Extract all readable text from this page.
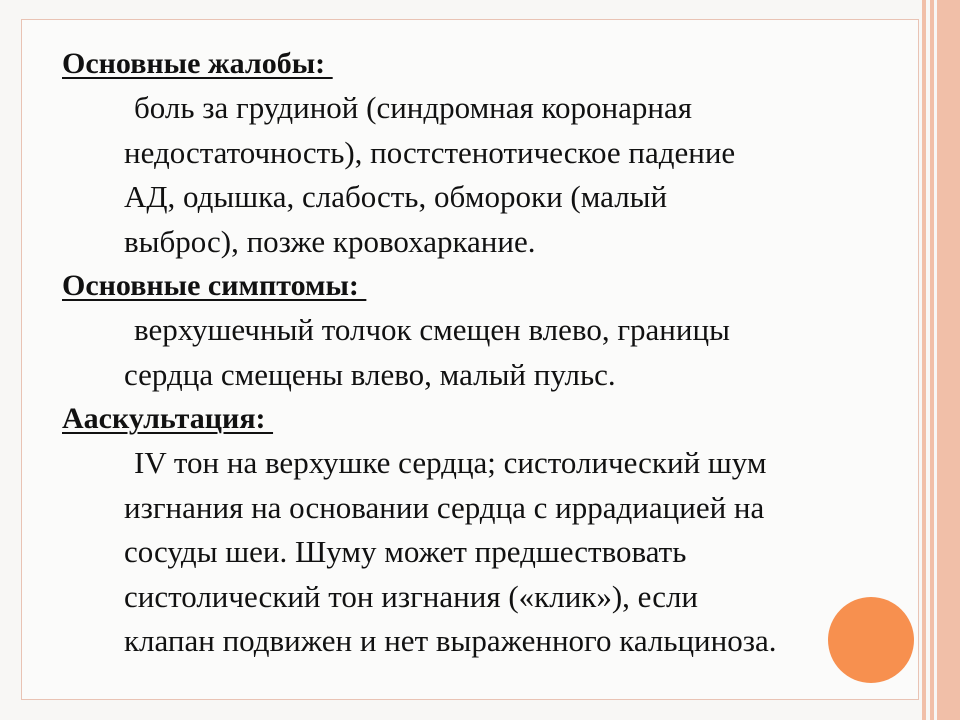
Основные жалобы:
боль за грудиной (синдромная коронарная
недостаточность), постстенотическое падение
АД, одышка, слабость, обмороки (малый
выброс), позже кровохаркание.
Основные симптомы:
верхушечный толчок смещен влево, границы
сердца смещены влево, малый пульс.
Аaскультация:
IV тон на верхушке сердца; систолический шум
изгнания на основании сердца с иррадиацией на
сосуды шеи. Шуму может предшествовать
систолический тон изгнания («клик»), если
клапан подвижен и нет выраженного кальциноза.
